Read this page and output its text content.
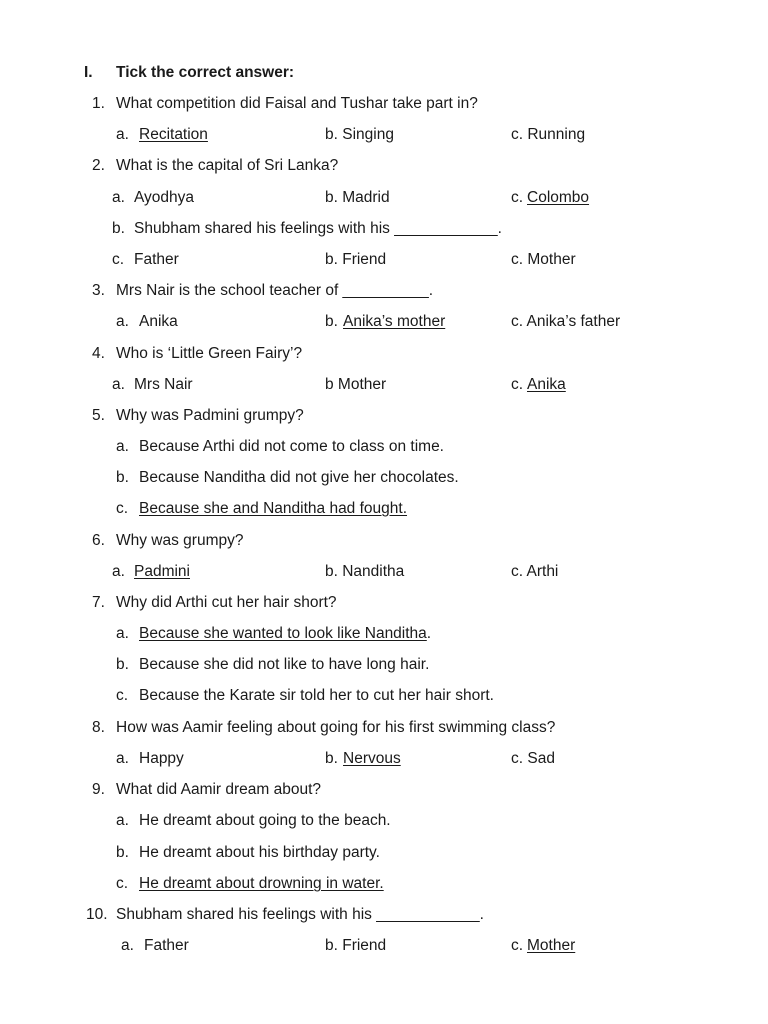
I. Tick the correct answer:
1. What competition did Faisal and Tushar take part in?
a. Recitation	b. Singing	c. Running
2. What is the capital of Sri Lanka?
a. Ayodhya	b. Madrid	c. Colombo
b. Shubham shared his feelings with his ____________.
c. Father	b. Friend	c. Mother
3. Mrs Nair is the school teacher of __________.
a. Anika	b. Anika’s mother	c. Anika’s father
4. Who is ‘Little Green Fairy’?
a. Mrs Nair	b Mother	c. Anika
5. Why was Padmini grumpy?
a. Because Arthi did not come to class on time.
b. Because Nanditha did not give her chocolates.
c. Because she and Nanditha had fought.
6. Why was grumpy?
a. Padmini	b. Nanditha	c. Arthi
7. Why did Arthi cut her hair short?
a. Because she wanted to look like Nanditha.
b. Because she did not like to have long hair.
c. Because the Karate sir told her to cut her hair short.
8. How was Aamir feeling about going for his first swimming class?
a. Happy	b. Nervous	c. Sad
9. What did Aamir dream about?
a. He dreamt about going to the beach.
b. He dreamt about his birthday party.
c. He dreamt about drowning in water.
10. Shubham shared his feelings with his ____________.
a. Father	b. Friend	c. Mother
